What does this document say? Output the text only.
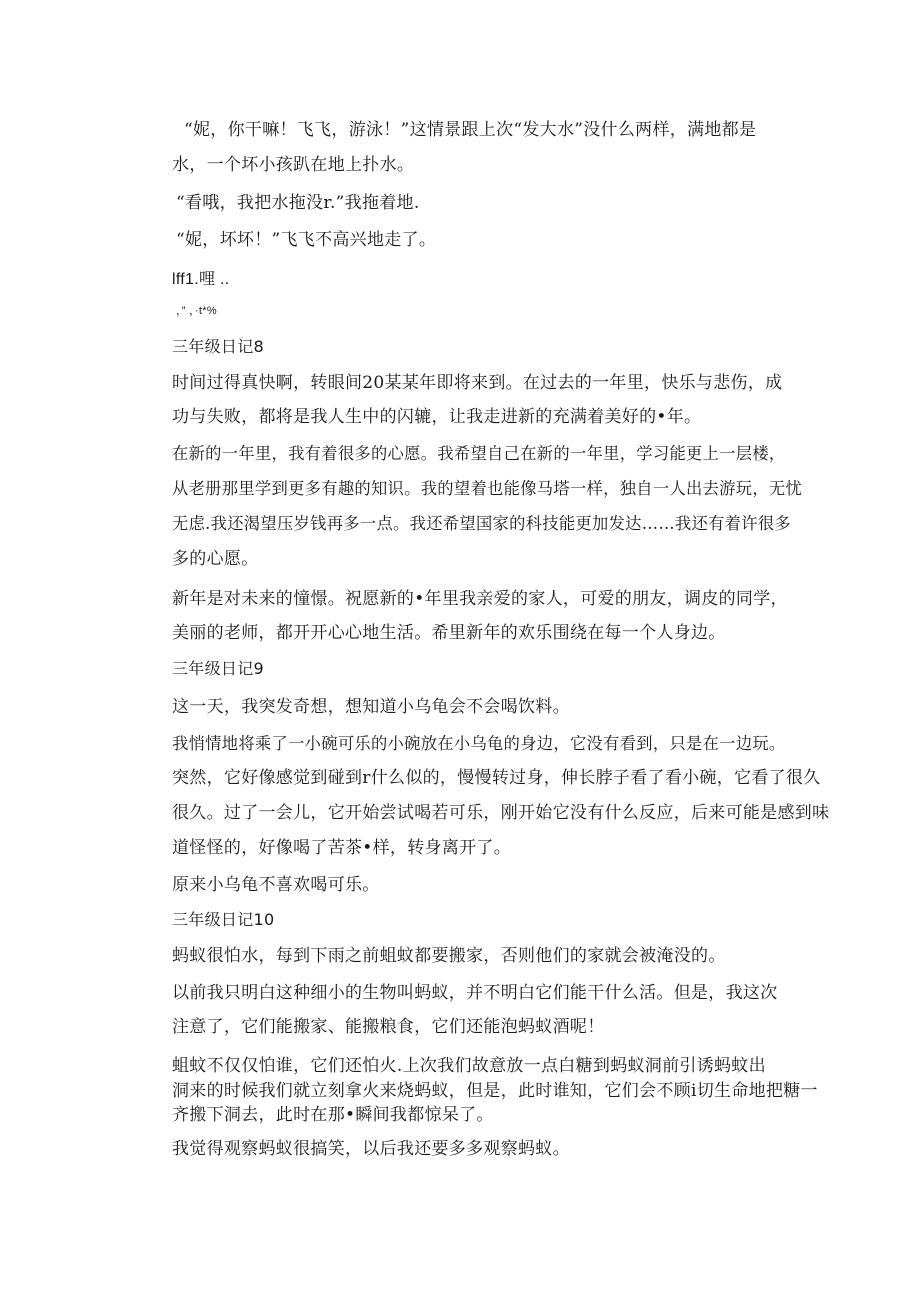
“妮，你干嘛！飞飞，游泳！”这情景跟上次“发大水”没什么两样，满地都是
水，一个坏小孩趴在地上扑水。
“看哦，我把水拖没r.”我拖着地.
“妮，坏坏！”飞飞不高兴地走了。
lff1.哩 ..
，” ，·t*%
三年级日记8
时间过得真快啊，转眼间20某某年即将来到。在过去的一年里，快乐与悲伤，成
功与失败，都将是我人生中的闪辘，让我走进新的充满着美好的•年。
在新的一年里，我有着很多的心愿。我希望自己在新的一年里，学习能更上一层楼，
从老册那里学到更多有趣的知识。我的望着也能像马塔一样，独自一人出去游玩，无忧
无虑.我还渴望压岁钱再多一点。我还希望国家的科技能更加发达……我还有着许很多
多的心愿。
新年是对未来的憧憬。祝愿新的•年里我亲爱的家人，可爱的朋友，调皮的同学，
美丽的老师，都开开心心地生活。希里新年的欢乐围绕在每一个人身边。
三年级日记9
这一天，我突发奇想，想知道小乌龟会不会喝饮料。
我悄情地将乘了一小碗可乐的小碗放在小乌龟的身边，它没有看到，只是在一边玩。
突然，它好像感觉到碰到r什么似的，慢慢转过身，伸长脖子看了看小碗，它看了很久
很久。过了一会儿，它开始尝试喝若可乐，刚开始它没有什么反应，后来可能是感到味
道怪怪的，好像喝了苦茶•样，转身离开了。
原来小乌龟不喜欢喝可乐。
三年级日记10
蚂蚁很怕水，每到下雨之前蛆蚊都要搬家，否则他们的家就会被淹没的。
以前我只明白这种细小的生物叫蚂蚁，并不明白它们能干什么活。但是，我这次
注意了，它们能搬家、能搬粮食，它们还能泡蚂蚁酒呢！
蛆蚊不仅仅怕谁，它们还怕火.上次我们故意放一点白糖到蚂蚁洞前引诱蚂蚊出
洞来的时候我们就立刻拿火来烧蚂蚁，但是，此时谁知，它们会不顾i切生命地把糖一
齐搬下洞去，此时在那•瞬间我都惊呆了。
我觉得观察蚂蚁很搞笑，以后我还要多多观察蚂蚁。
